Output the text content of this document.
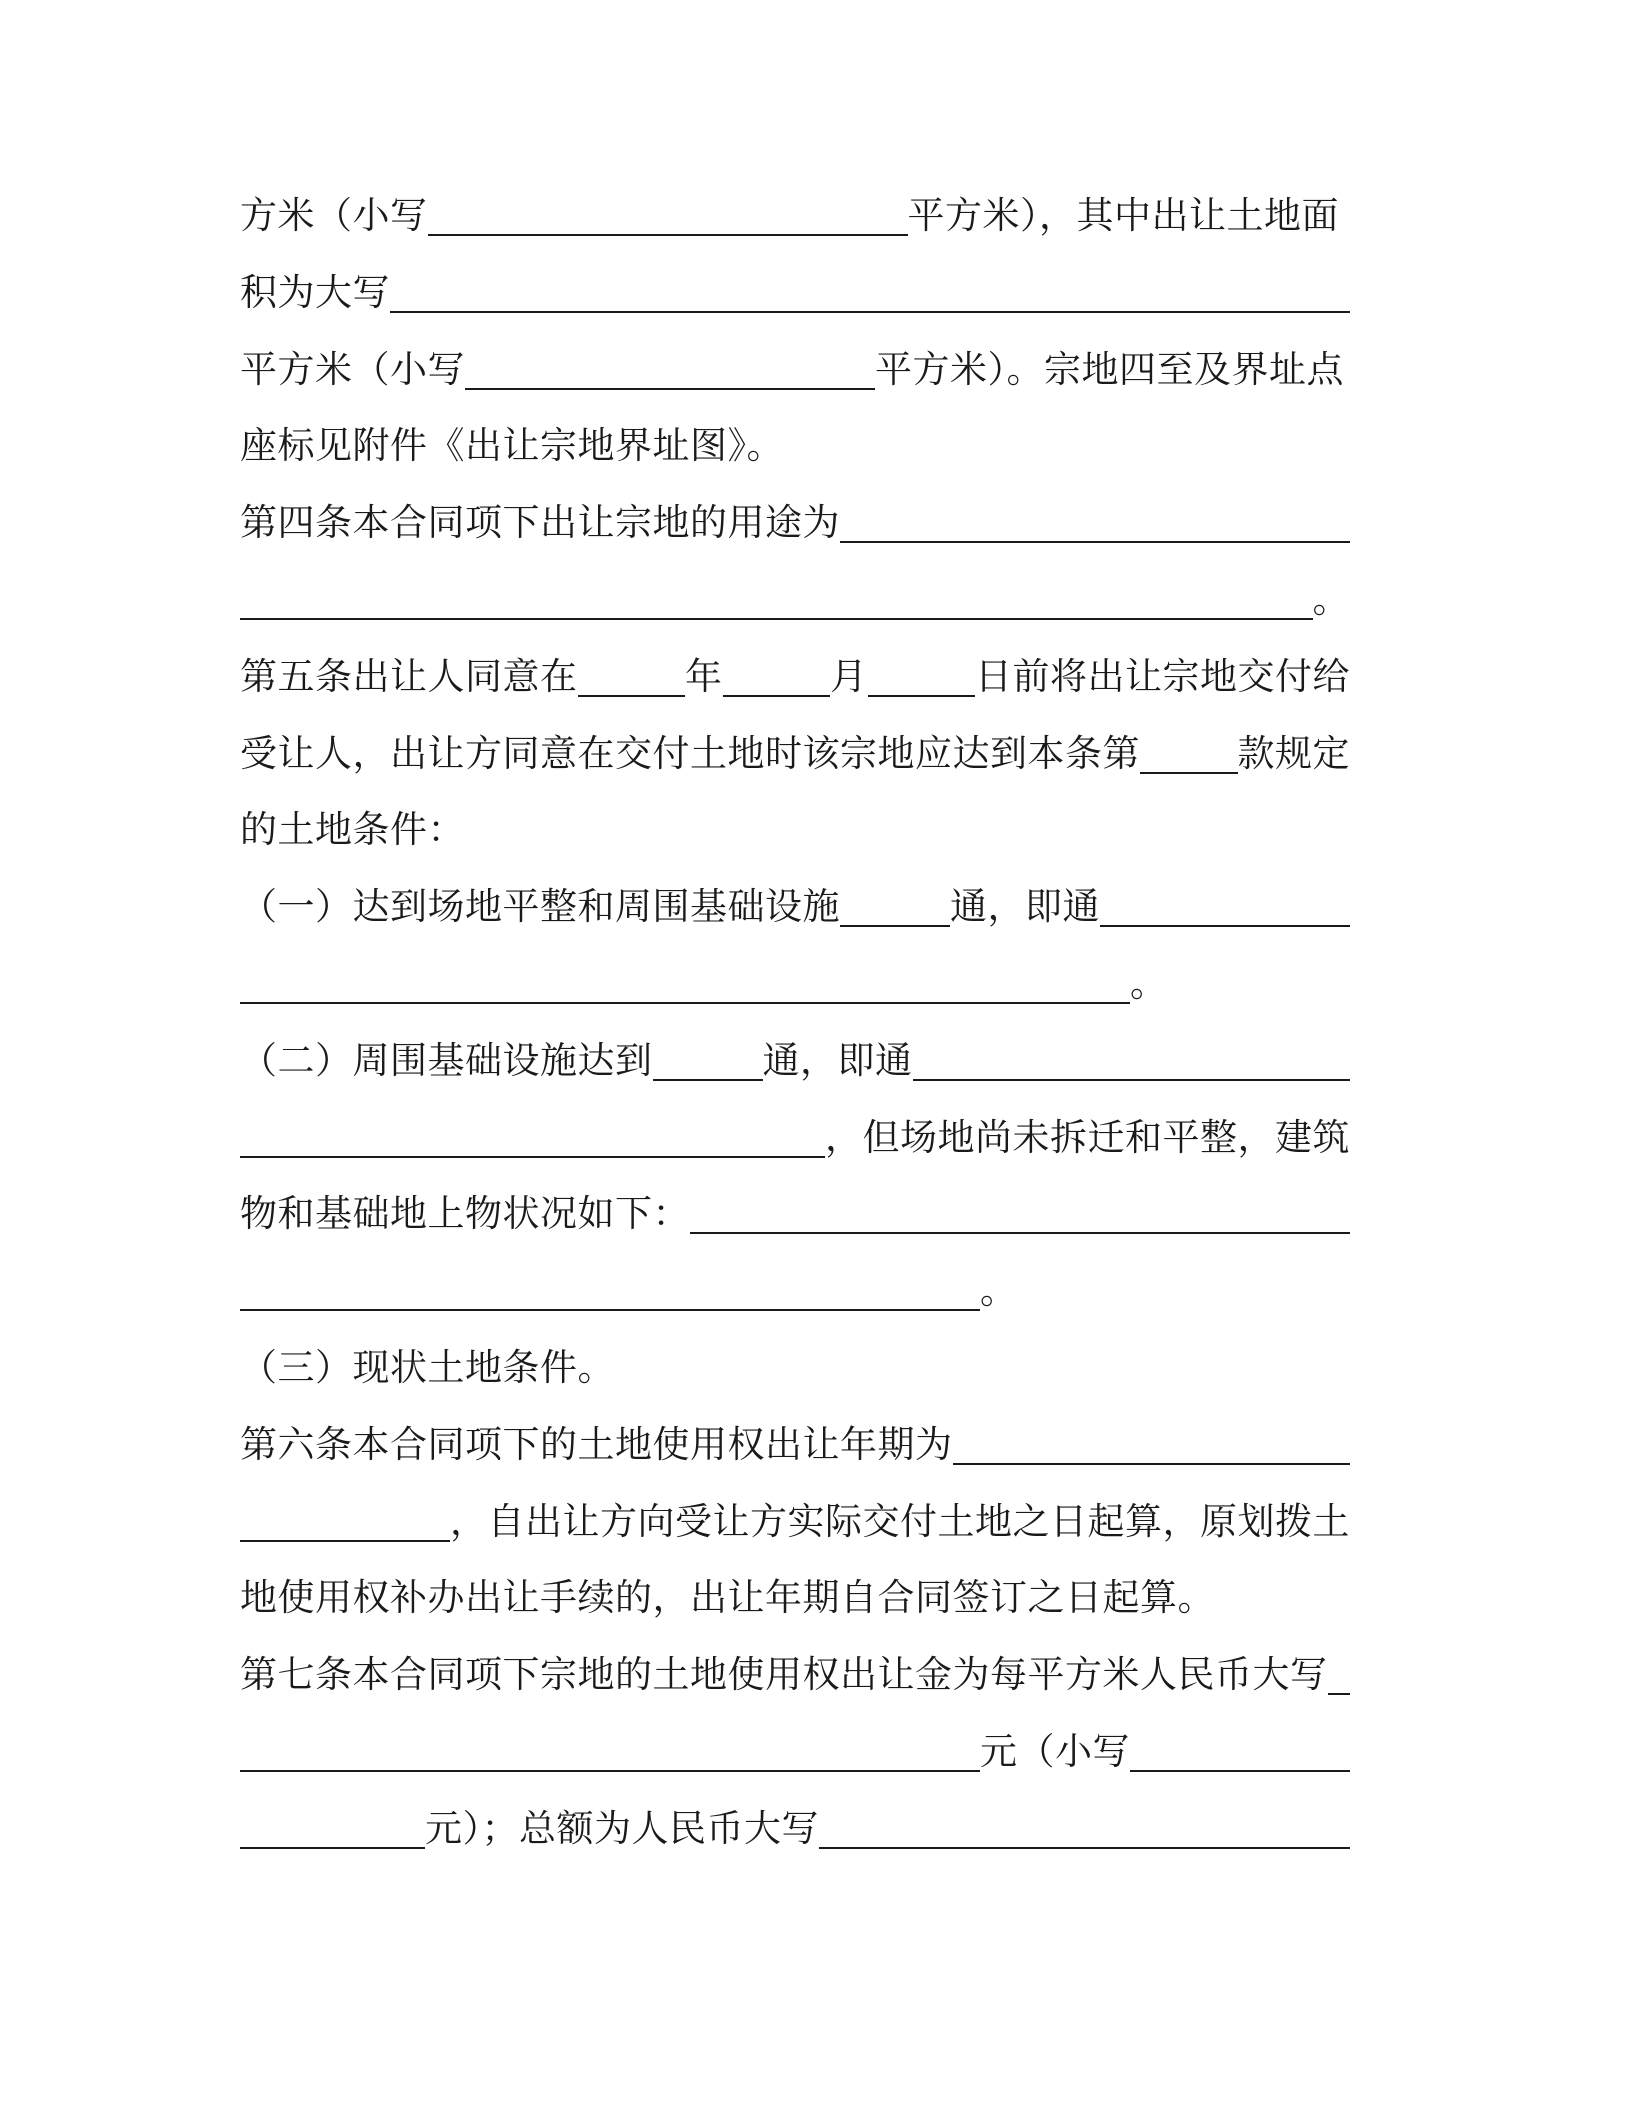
方米（小写	平方米），其中出让土地面
积为大写
平方米（小写	平方米）。宗地四至及界址点
座标见附件《出让宗地界址图》。
第四条本合同项下出让宗地的用途为
。
第五条出让人同意在	年	月	日前将出让宗地交付给
受让人，出让方同意在交付土地时该宗地应达到本条第	款规定
的土地条件：
（一）达到场地平整和周围基础设施	通，即通
。
（二）周围基础设施达到	通，即通
，但场地尚未拆迁和平整，建筑
物和基础地上物状况如下：
。
（三）现状土地条件。
第六条本合同项下的土地使用权出让年期为
，自出让方向受让方实际交付土地之日起算，原划拨土
地使用权补办出让手续的，出让年期自合同签订之日起算。
第七条本合同项下宗地的土地使用权出让金为每平方米人民币大写
元（小写
元）；总额为人民币大写
